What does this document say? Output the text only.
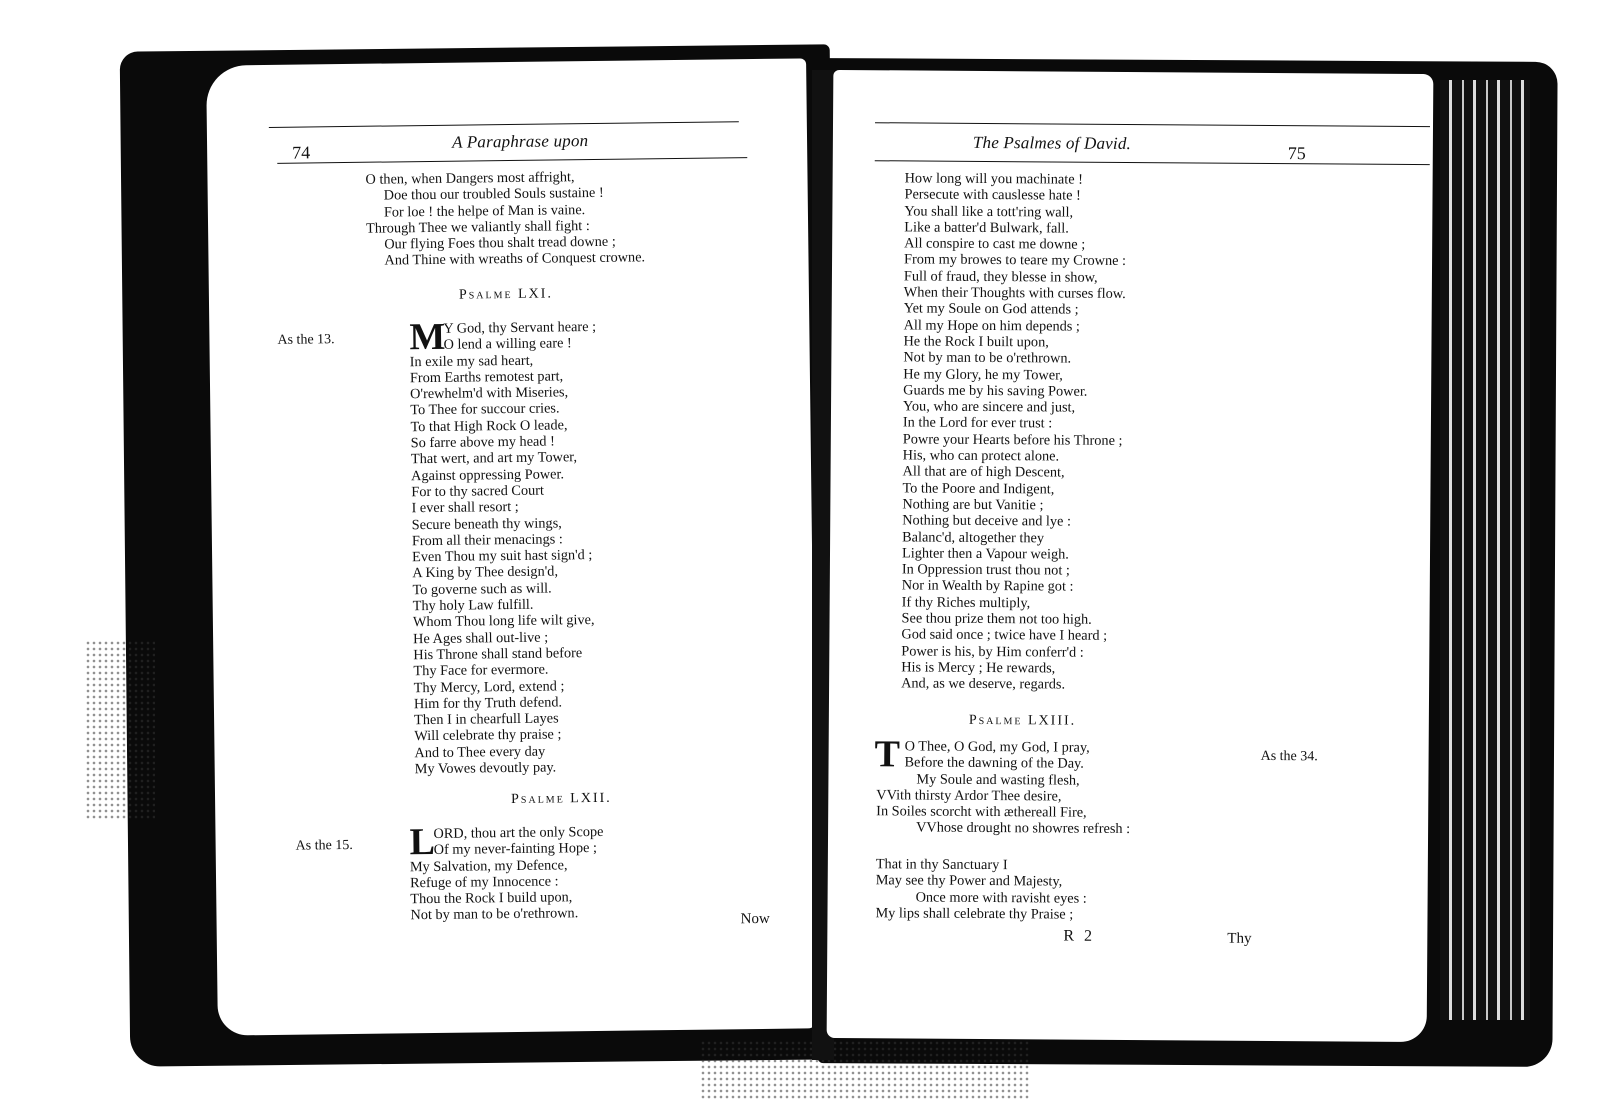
74
A Paraphrase upon
O then, when Dangers most affright,
Doe thou our troubled Souls sustaine !
For loe ! the helpe of Man is vaine.
Through Thee we valiantly shall fight :
Our flying Foes thou shalt tread downe ;
And Thine with wreaths of Conquest crowne.
Psalme LXI.
As the 13. M
Y God, thy Servant heare ;
O lend a willing eare !
In exile my sad heart,
From Earths remotest part,
O'rewhelm'd with Miseries,
To Thee for succour cries.
To that High Rock O leade,
So farre above my head !
That wert, and art my Tower,
Against oppressing Power.
For to thy sacred Court
I ever shall resort ;
Secure beneath thy wings,
From all their menacings :
Even Thou my suit hast sign'd ;
A King by Thee design'd,
To governe such as will.
Thy holy Law fulfill.
Whom Thou long life wilt give,
He Ages shall out-live ;
His Throne shall stand before
Thy Face for evermore.
Thy Mercy, Lord, extend ;
Him for thy Truth defend.
Then I in chearfull Layes
Will celebrate thy praise ;
And to Thee every day
My Vowes devoutly pay.
Psalme LXII.
As the 15. L
ORD, thou art the only Scope
Of my never-fainting Hope ;
My Salvation, my Defence,
Refuge of my Innocence :
Thou the Rock I build upon,
Not by man to be o'rethrown.	Now
The Psalmes of David.
75
How long will you machinate !
Persecute with causlesse hate !
You shall like a tott'ring wall,
Like a batter'd Bulwark, fall.
All conspire to cast me downe ;
From my browes to teare my Crowne :
Full of fraud, they blesse in show,
When their Thoughts with curses flow.
Yet my Soule on God attends ;
All my Hope on him depends ;
He the Rock I built upon,
Not by man to be o'rethrown.
He my Glory, he my Tower,
Guards me by his saving Power.
You, who are sincere and just,
In the Lord for ever trust :
Powre your Hearts before his Throne ;
His, who can protect alone.
All that are of high Descent,
To the Poore and Indigent,
Nothing are but Vanitie ;
Nothing but deceive and lye :
Balanc'd, altogether they
Lighter then a Vapour weigh.
In Oppression trust thou not ;
Nor in Wealth by Rapine got :
If thy Riches multiply,
See thou prize them not too high.
God said once ; twice have I heard ;
Power is his, by Him conferr'd :
His is Mercy ; He rewards,
And, as we deserve, regards.
Psalme LXIII.
As the 34.
T O Thee, O God, my God, I pray,
Before the dawning of the Day.
My Soule and wasting flesh,
VVith thirsty Ardor Thee desire,
In Soiles scorcht with æthereall Fire,
VVhose drought no showres refresh :
That in thy Sanctuary I
May see thy Power and Majesty,
Once more with ravisht eyes :
My lips shall celebrate thy Praise ;
R 2	Thy
